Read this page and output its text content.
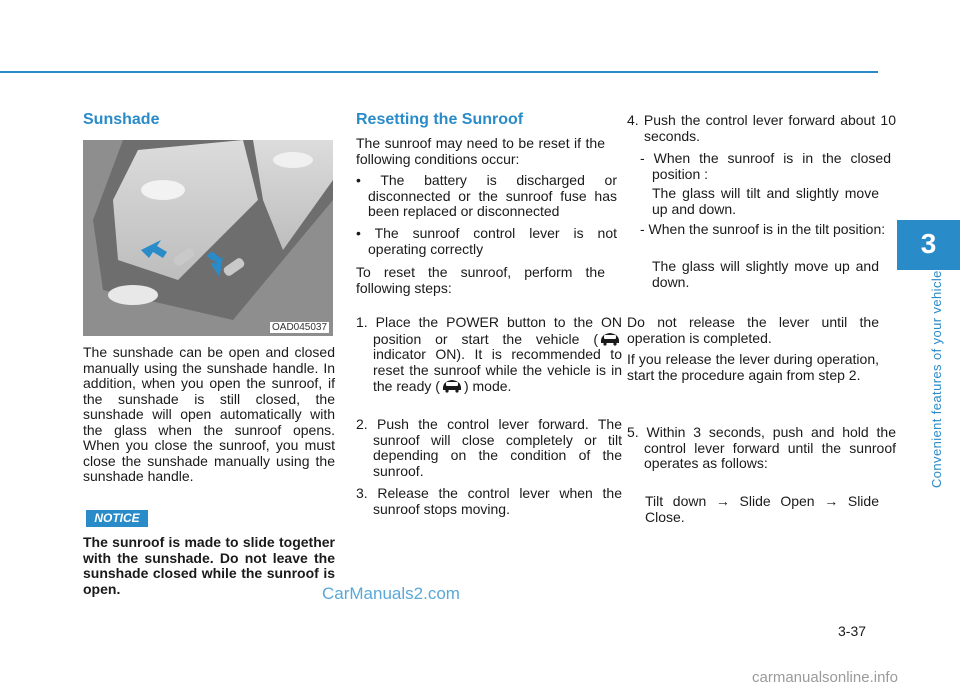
3
Convenient features of your vehicle
Sunshade
OAD045037

The sunshade can be open and closed manually using the sunshade handle. In addition, when you open the sunroof, if the sunshade is still closed, the sunshade will open automatically with the glass when the sunroof opens. When you close the sunroof, you must close the sunshade manually using the sunshade handle.

NOTICE

The sunroof is made to slide together with the sunshade. Do not leave the sunshade closed while the sunroof is open.

Resetting the Sunroof

The sunroof may need to be reset if the following conditions occur:

• The battery is discharged or disconnected or the sunroof fuse has been replaced or disconnected

• The sunroof control lever is not operating correctly

To reset the sunroof, perform the following steps:

1. Place the POWER button to the ON position or start the vehicle ( indicator ON). It is recommended to reset the sunroof while the vehicle is in the ready ( ) mode.

2. Push the control lever forward. The sunroof will close completely or tilt depending on the condition of the sunroof.

3. Release the control lever when the sunroof stops moving.

4. Push the control lever forward about 10 seconds.

- When the sunroof is in the closed position :

The glass will tilt and slightly move up and down.

- When the sunroof is in the tilt position:

The glass will slightly move up and down.

Do not release the lever until the operation is completed.

If you release the lever during operation, start the procedure again from step 2.

5. Within 3 seconds, push and hold the control lever forward until the sunroof operates as follows:

Tilt down → Slide Open → Slide Close.

CarManuals2.com
3-37
carmanualsonline.info
